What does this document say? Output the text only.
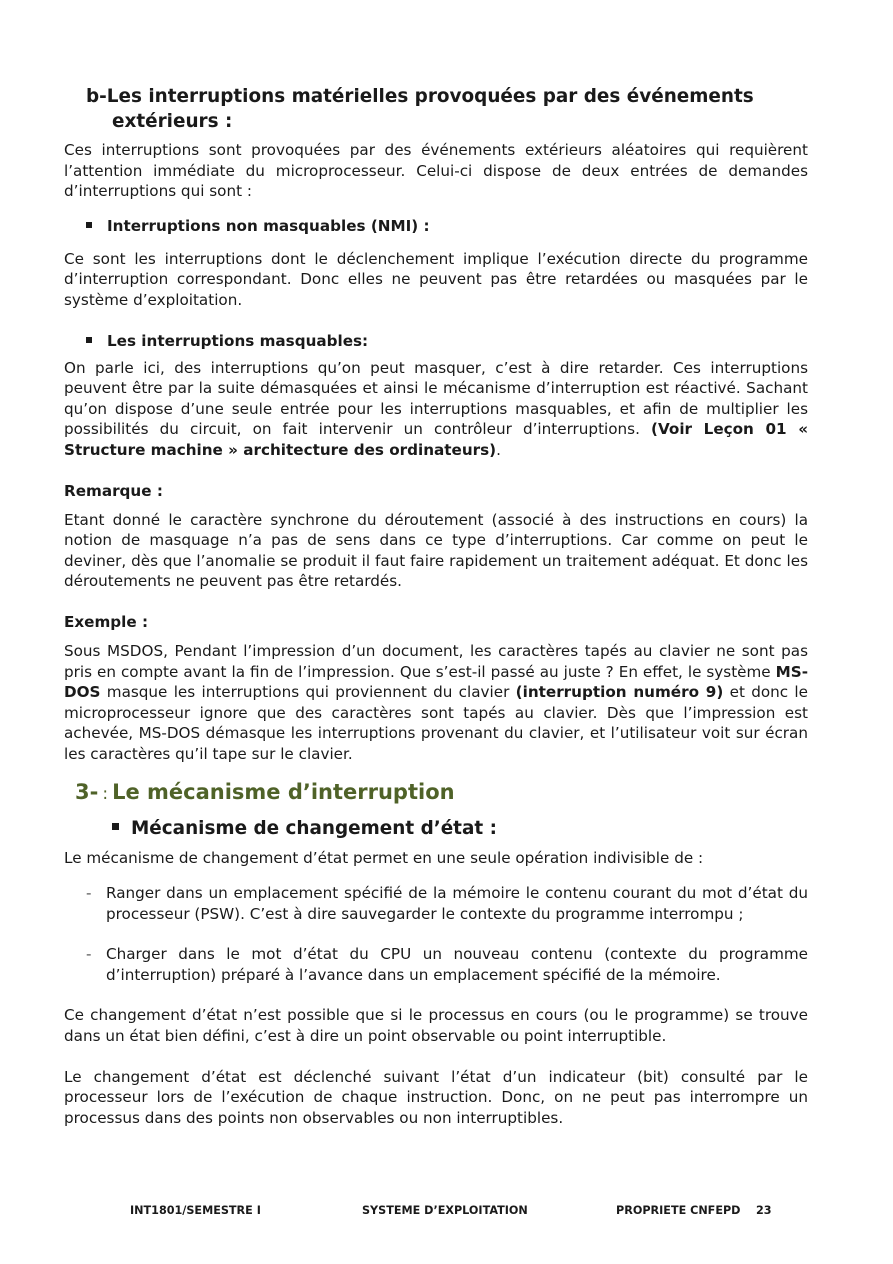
b-Les interruptions matérielles provoquées par des événements
extérieurs :

Ces interruptions sont provoquées par des événements extérieurs aléatoires qui requièrent l’attention immédiate du microprocesseur. Celui-ci dispose de deux entrées de demandes d’interruptions qui sont :

Interruptions non masquables (NMI) :

Ce sont les interruptions dont le déclenchement implique l’exécution directe du programme d’interruption correspondant. Donc elles ne peuvent pas être retardées ou masquées par le système d’exploitation.

Les interruptions masquables:

On parle ici, des interruptions qu’on peut masquer, c’est à dire retarder. Ces interruptions peuvent être par la suite démasquées et ainsi le mécanisme d’interruption est réactivé. Sachant qu’on dispose d’une seule entrée pour les interruptions masquables, et afin de multiplier les possibilités du circuit, on fait intervenir un contrôleur d’interruptions. (Voir Leçon 01 « Structure machine » architecture des ordinateurs).

Remarque :

Etant donné le caractère synchrone du déroutement (associé à des instructions en cours) la notion de masquage n’a pas de sens dans ce type d’interruptions. Car comme on peut le deviner, dès que l’anomalie se produit il faut faire rapidement un traitement adéquat. Et donc les déroutements ne peuvent pas être retardés.

Exemple :

Sous MSDOS, Pendant l’impression d’un document, les caractères tapés au clavier ne sont pas pris en compte avant la fin de l’impression. Que s’est-il passé au juste ? En effet, le système MS-DOS masque les interruptions qui proviennent du clavier (interruption numéro 9) et donc le microprocesseur ignore que des caractères sont tapés au clavier. Dès que l’impression est achevée, MS-DOS démasque les interruptions provenant du clavier, et l’utilisateur voit sur écran les caractères qu’il tape sur le clavier.

3- : Le mécanisme d’interruption
Mécanisme de changement d’état :

Le mécanisme de changement d’état permet en une seule opération indivisible de :

- Ranger dans un emplacement spécifié de la mémoire le contenu courant du mot d’état du processeur (PSW). C’est à dire sauvegarder le contexte du programme interrompu ;
- Charger dans le mot d’état du CPU un nouveau contenu (contexte du programme d’interruption) préparé à l’avance dans un emplacement spécifié de la mémoire.

Ce changement d’état n’est possible que si le processus en cours (ou le programme) se trouve dans un état bien défini, c’est à dire un point observable ou point interruptible.

Le changement d’état est déclenché suivant l’état d’un indicateur (bit) consulté par le processeur lors de l’exécution de chaque instruction. Donc, on ne peut pas interrompre un processus dans des points non observables ou non interruptibles.

INT1801/SEMESTRE I	SYSTEME D’EXPLOITATION	PROPRIETE CNFEPD 23
